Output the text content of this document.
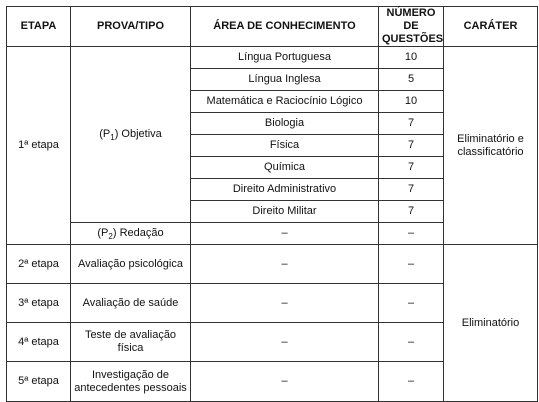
ETAPA	PROVA/TIPO	ÁREA DE CONHECIMENTO	NÚMERO DE QUESTÕES	CARÁTER
1ª etapa	$(P_1)$ Objetiva	Língua Portuguesa	10	Eliminatório e classificatório
		Língua Inglesa	5	
		Matemática e Raciocínio Lógico	10	
		Biologia	7	
		Física	7	
		Química	7	
		Direito Administrativo	7	
		Direito Militar	7	
	$(P_2)$ Redação	–	–	
2ª etapa	Avaliação psicológica	–	–	Eliminatório
3ª etapa	Avaliação de saúde	–	–	
4ª etapa	Teste de avaliação física	–	–	
5ª etapa	Investigação de antecedentes pessoais	–	–	
